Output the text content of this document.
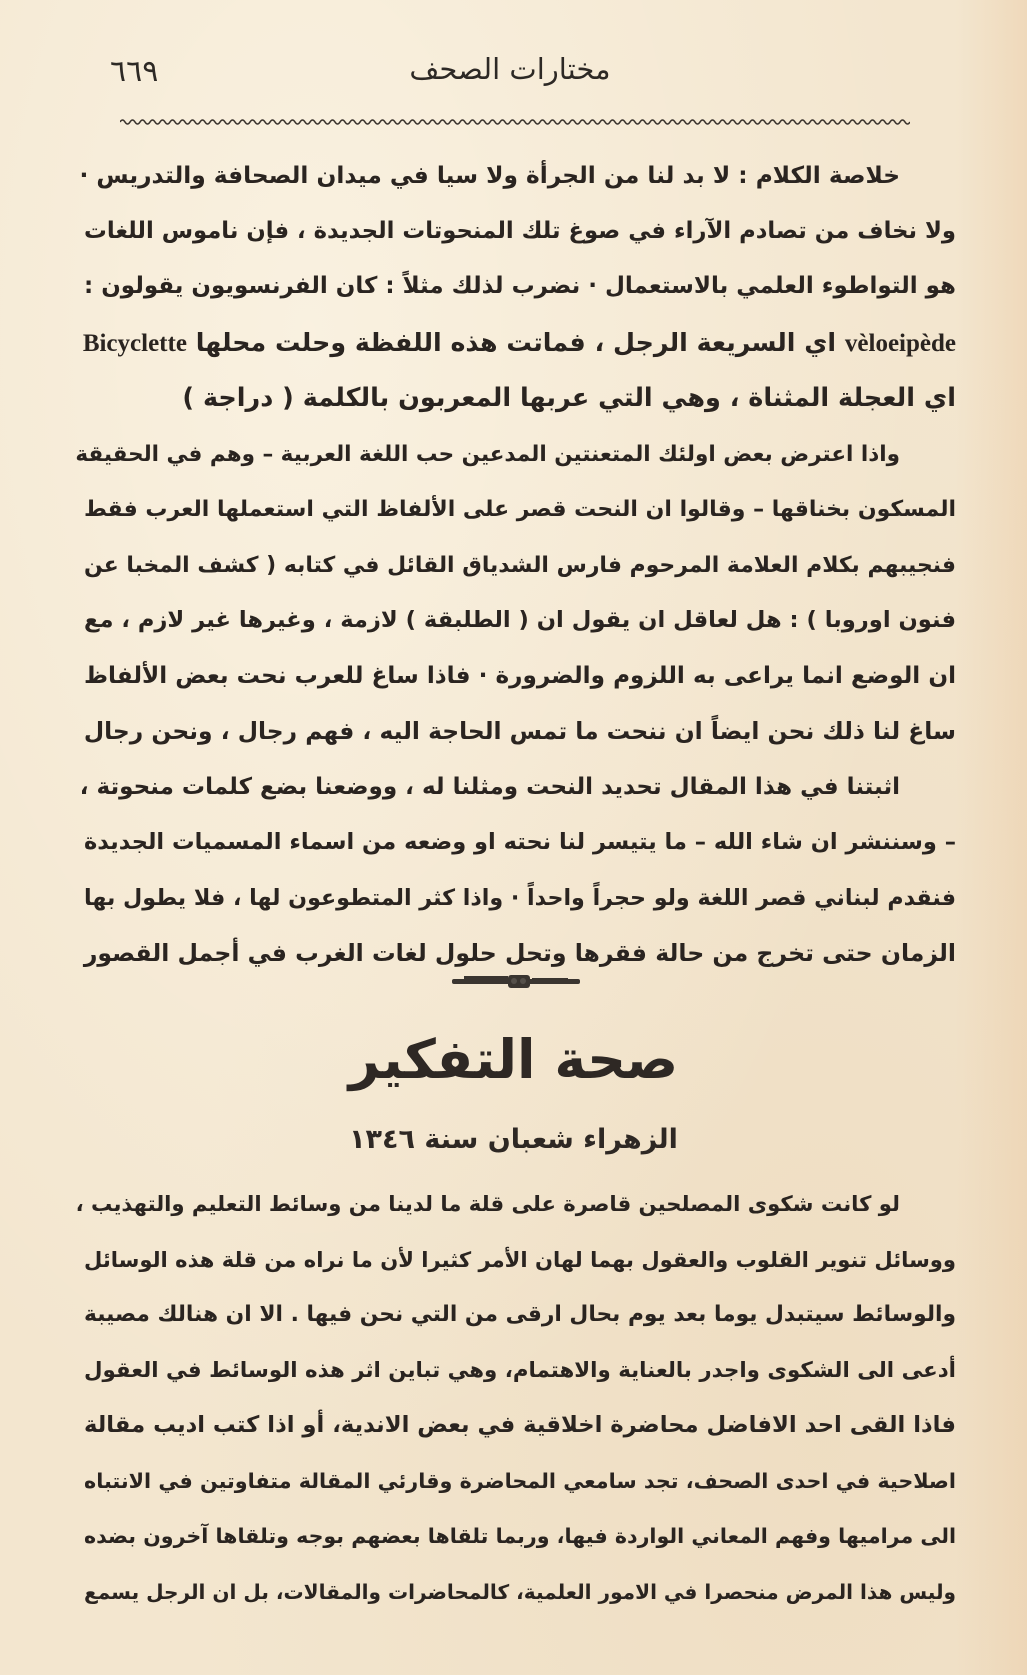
٦٦٩	مختارات الصحف
خلاصة الكلام : لا بد لنا من الجرأة ولا سيا في ميدان الصحافة والتدريس ·
ولا نخاف من تصادم الآراء في صوغ تلك المنحوتات الجديدة ، فإن ناموس اللغات
هو التواطوء العلمي بالاستعمال · نضرب لذلك مثلاً : كان الفرنسويون يقولون :
vèloeipède اي السريعة الرجل ، فماتت هذه اللفظة وحلت محلها Bicyclette
اي العجلة المثناة ، وهي التي عربها المعربون بالكلمة ( دراجة )
واذا اعترض بعض اولئك المتعنتين المدعين حب اللغة العربية – وهم في الحقيقة
المسكون بخناقها – وقالوا ان النحت قصر على الألفاظ التي استعملها العرب فقط
فنجيبهم بكلام العلامة المرحوم فارس الشدياق القائل في كتابه ( كشف المخبا عن
فنون اوروبا ) : هل لعاقل ان يقول ان ( الطلبقة ) لازمة ، وغيرها غير لازم ، مع
ان الوضع انما يراعى به اللزوم والضرورة · فاذا ساغ للعرب نحت بعض الألفاظ
ساغ لنا ذلك نحن ايضاً ان ننحت ما تمس الحاجة اليه ، فهم رجال ، ونحن رجال
اثبتنا في هذا المقال تحديد النحت ومثلنا له ، ووضعنا بضع كلمات منحوتة ،
– وسننشر ان شاء الله – ما يتيسر لنا نحته او وضعه من اسماء المسميات الجديدة
فنقدم لبناني قصر اللغة ولو حجراً واحداً · واذا كثر المتطوعون لها ، فلا يطول بها
الزمان حتى تخرج من حالة فقرها وتحل حلول لغات الغرب في أجمل القصور
صحة التفكير
الزهراء شعبان سنة ١٣٤٦
لو كانت شكوى المصلحين قاصرة على قلة ما لدينا من وسائط التعليم والتهذيب ،
ووسائل تنوير القلوب والعقول بهما لهان الأمر كثيرا لأن ما نراه من قلة هذه الوسائل
والوسائط سيتبدل يوما بعد يوم بحال ارقى من التي نحن فيها . الا ان هنالك مصيبة
أدعى الى الشكوى واجدر بالعناية والاهتمام، وهي تباين اثر هذه الوسائط في العقول
فاذا القى احد الافاضل محاضرة اخلاقية في بعض الاندية، أو اذا كتب اديب مقالة
اصلاحية في احدى الصحف، تجد سامعي المحاضرة وقارئي المقالة متفاوتين في الانتباه
الى مراميها وفهم المعاني الواردة فيها، وربما تلقاها بعضهم بوجه وتلقاها آخرون بضده
وليس هذا المرض منحصرا في الامور العلمية، كالمحاضرات والمقالات، بل ان الرجل يسمع
